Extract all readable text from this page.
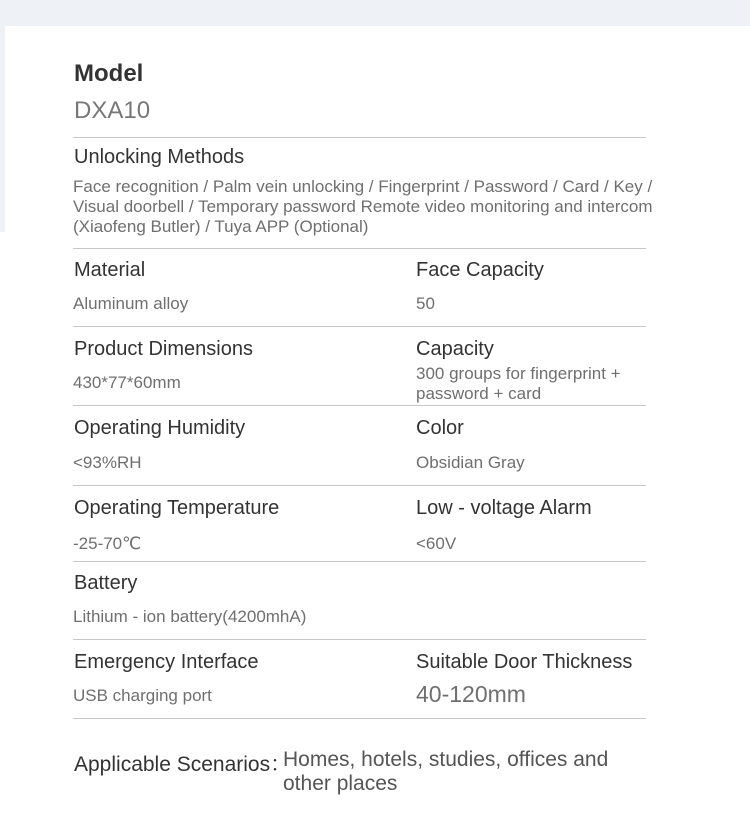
Model
DXA10
Unlocking Methods
Face recognition / Palm vein unlocking / Fingerprint / Password / Card / Key / Visual doorbell / Temporary password Remote video monitoring and intercom (Xiaofeng Butler) / Tuya APP (Optional)
Material
Aluminum alloy
Face Capacity
50
Product Dimensions
430*77*60mm
Capacity
300 groups for fingerprint + password + card
Operating Humidity
<93%RH
Color
Obsidian Gray
Operating Temperature
-25-70℃
Low - voltage Alarm
<60V
Battery
Lithium - ion battery(4200mhA)
Emergency Interface
USB charging port
Suitable Door Thickness
40-120mm
Applicable Scenarios：
Homes, hotels, studies, offices and other places
